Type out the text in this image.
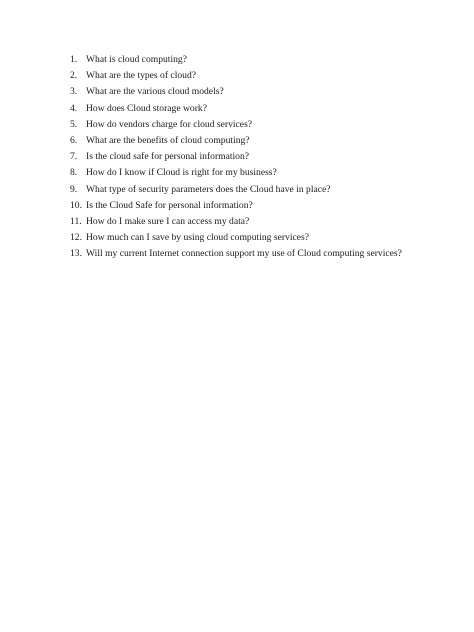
1. What is cloud computing?
2. What are the types of cloud?
3. What are the various cloud models?
4. How does Cloud storage work?
5. How do vendors charge for cloud services?
6. What are the benefits of cloud computing?
7. Is the cloud safe for personal information?
8. How do I know if Cloud is right for my business?
9. What type of security parameters does the Cloud have in place?
10. Is the Cloud Safe for personal information?
11. How do I make sure I can access my data?
12. How much can I save by using cloud computing services?
13. Will my current Internet connection support my use of Cloud computing services?
